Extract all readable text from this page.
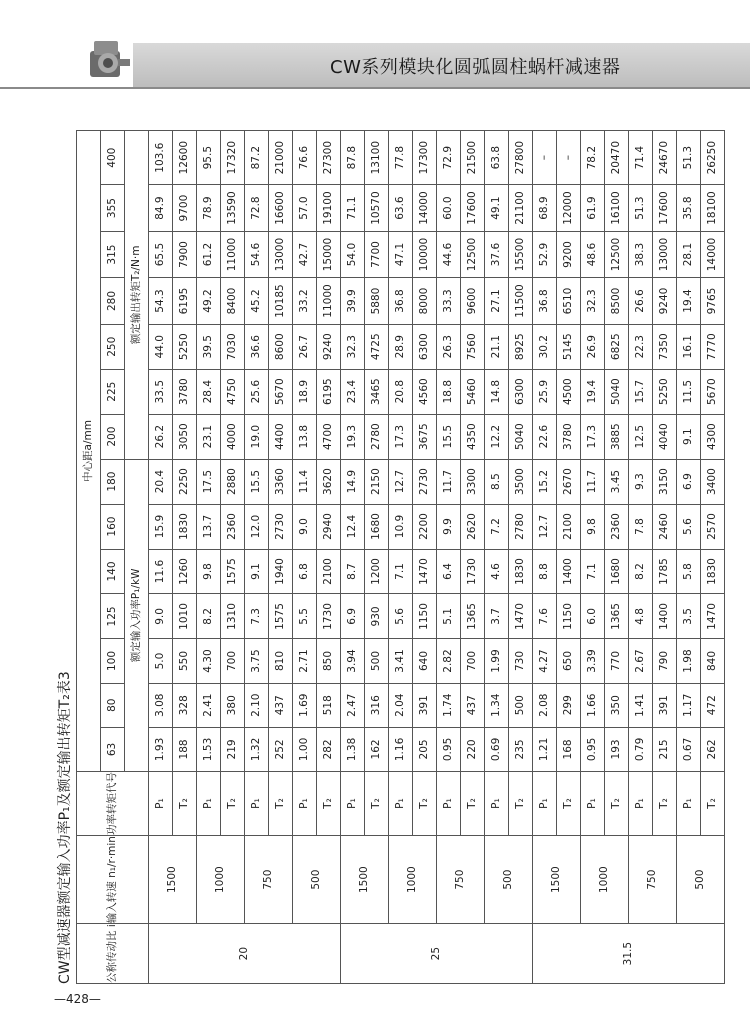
CW系列模块化圆弧圆柱蜗杆减速器
CW型减速器额定输入功率P₁及额定输出转矩T₂表3	公称传动比 i	输入转速 n₁/r·min	功率转矩代号	中心距a/mm													
			63	80	100	125	140	160	180	200	225	250	280	315	355	400
			额定输入功率P₁/kW							额定输出转矩T₂/N·m						
20	1500	P₁	1.93	3.08	5.0	9.0	11.6	15.9	20.4	26.2	33.5	44.0	54.3	65.5	84.9	103.6
		T₂	188	328	550	1010	1260	1830	2250	3050	3780	5250	6195	7900	9700	12600
	1000	P₁	1.53	2.41	4.30	8.2	9.8	13.7	17.5	23.1	28.4	39.5	49.2	61.2	78.9	95.5
		T₂	219	380	700	1310	1575	2360	2880	4000	4750	7030	8400	11000	13590	17320
	750	P₁	1.32	2.10	3.75	7.3	9.1	12.0	15.5	19.0	25.6	36.6	45.2	54.6	72.8	87.2
		T₂	252	437	810	1575	1940	2730	3360	4400	5670	8600	10185	13000	16600	21000
	500	P₁	1.00	1.69	2.71	5.5	6.8	9.0	11.4	13.8	18.9	26.7	33.2	42.7	57.0	76.6
		T₂	282	518	850	1730	2100	2940	3620	4700	6195	9240	11000	15000	19100	27300
25	1500	P₁	1.38	2.47	3.94	6.9	8.7	12.4	14.9	19.3	23.4	32.3	39.9	54.0	71.1	87.8
		T₂	162	316	500	930	1200	1680	2150	2780	3465	4725	5880	7700	10570	13100
	1000	P₁	1.16	2.04	3.41	5.6	7.1	10.9	12.7	17.3	20.8	28.9	36.8	47.1	63.6	77.8
		T₂	205	391	640	1150	1470	2200	2730	3675	4560	6300	8000	10000	14000	17300
	750	P₁	0.95	1.74	2.82	5.1	6.4	9.9	11.7	15.5	18.8	26.3	33.3	44.6	60.0	72.9
		T₂	220	437	700	1365	1730	2620	3300	4350	5460	7560	9600	12500	17600	21500
	500	P₁	0.69	1.34	1.99	3.7	4.6	7.2	8.5	12.2	14.8	21.1	27.1	37.6	49.1	63.8
		T₂	235	500	730	1470	1830	2780	3500	5040	6300	8925	11500	15500	21100	27800
31.5	1500	P₁	1.21	2.08	4.27	7.6	8.8	12.7	15.2	22.6	25.9	30.2	36.8	52.9	68.9	–
		T₂	168	299	650	1150	1400	2100	2670	3780	4500	5145	6510	9200	12000	–
	1000	P₁	0.95	1.66	3.39	6.0	7.1	9.8	11.7	17.3	19.4	26.9	32.3	48.6	61.9	78.2
		T₂	193	350	770	1365	1680	2360	3.45	3885	5040	6825	8500	12500	16100	20470
	750	P₁	0.79	1.41	2.67	4.8	8.2	7.8	9.3	12.5	15.7	22.3	26.6	38.3	51.3	71.4
		T₂	215	391	790	1400	1785	2460	3150	4040	5250	7350	9240	13000	17600	24670
	500	P₁	0.67	1.17	1.98	3.5	5.8	5.6	6.9	9.1	11.5	16.1	19.4	28.1	35.8	51.3
		T₂	262	472	840	1470	1830	2570	3400	4300	5670	7770	9765	14000	18100	26250
—428—
